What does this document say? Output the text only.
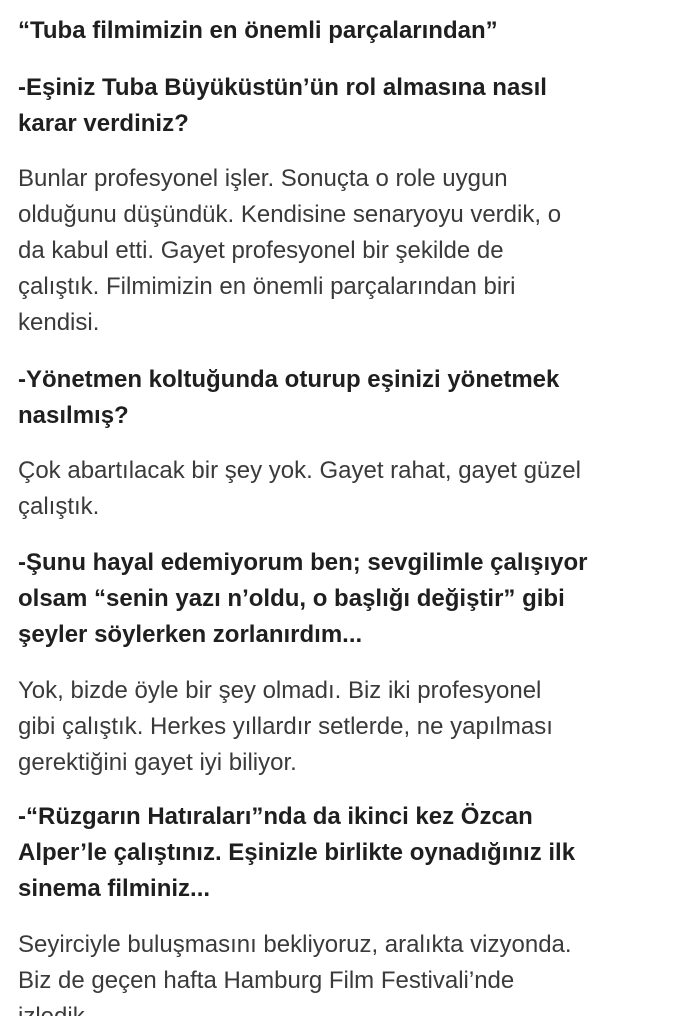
“Tuba filmimizin en önemli parçalarından”
-Eşiniz Tuba Büyüküstün’ün rol almasına nasıl
karar verdiniz?
Bunlar profesyonel işler. Sonuçta o role uygun
olduğunu düşündük. Kendisine senaryoyu verdik, o
da kabul etti. Gayet profesyonel bir şekilde de
çalıştık. Filmimizin en önemli parçalarından biri
kendisi.
-Yönetmen koltuğunda oturup eşinizi yönetmek
nasılmış?
Çok abartılacak bir şey yok. Gayet rahat, gayet güzel
çalıştık.
-Şunu hayal edemiyorum ben; sevgilimle çalışıyor
olsam “senin yazı n’oldu, o başlığı değiştir” gibi
şeyler söylerken zorlanırdım...
Yok, bizde öyle bir şey olmadı. Biz iki profesyonel
gibi çalıştık. Herkes yıllardır setlerde, ne yapılması
gerektiğini gayet iyi biliyor.
-“Rüzgarın Hatıraları”nda da ikinci kez Özcan
Alper’le çalıştınız. Eşinizle birlikte oynadığınız ilk
sinema filminiz...
Seyirciyle buluşmasını bekliyoruz, aralıkta vizyonda.
Biz de geçen hafta Hamburg Film Festivali’nde
